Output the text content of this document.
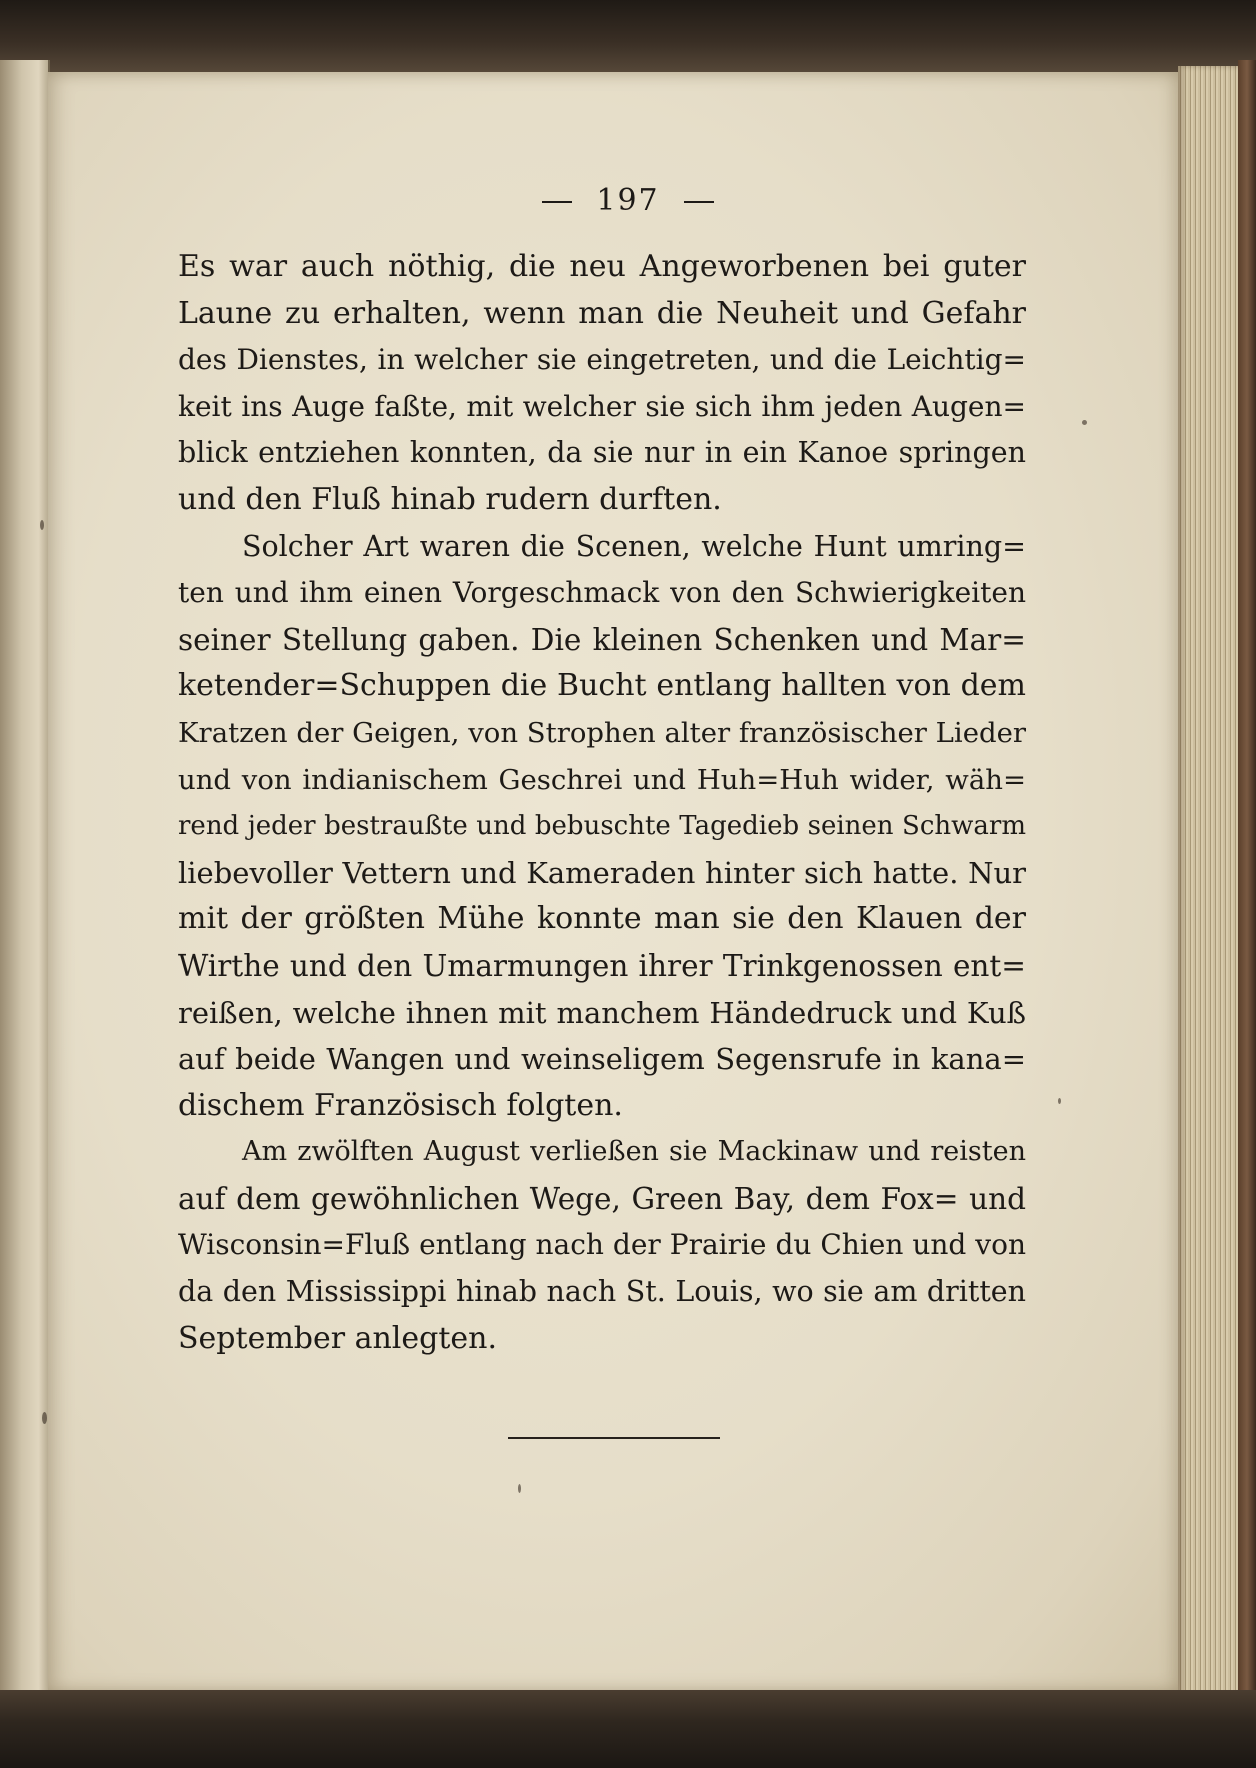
197

Es war auch nöthig, die neu Angeworbenen bei guter
Laune zu erhalten, wenn man die Neuheit und Gefahr
des Dienstes, in welcher sie eingetreten, und die Leichtig=
keit ins Auge faßte, mit welcher sie sich ihm jeden Augen=
blick entziehen konnten, da sie nur in ein Kanoe springen
und den Fluß hinab rudern durften.

Solcher Art waren die Scenen, welche Hunt umring=
ten und ihm einen Vorgeschmack von den Schwierigkeiten
seiner Stellung gaben. Die kleinen Schenken und Mar=
ketender=Schuppen die Bucht entlang hallten von dem
Kratzen der Geigen, von Strophen alter französischer Lieder
und von indianischem Geschrei und Huh=Huh wider, wäh=
rend jeder bestraußte und bebuschte Tagedieb seinen Schwarm
liebevoller Vettern und Kameraden hinter sich hatte. Nur
mit der größten Mühe konnte man sie den Klauen der
Wirthe und den Umarmungen ihrer Trinkgenossen ent=
reißen, welche ihnen mit manchem Händedruck und Kuß
auf beide Wangen und weinseligem Segensrufe in kana=
dischem Französisch folgten.

Am zwölften August verließen sie Mackinaw und reisten
auf dem gewöhnlichen Wege, Green Bay, dem Fox= und
Wisconsin=Fluß entlang nach der Prairie du Chien und von
da den Mississippi hinab nach St. Louis, wo sie am dritten
September anlegten.
